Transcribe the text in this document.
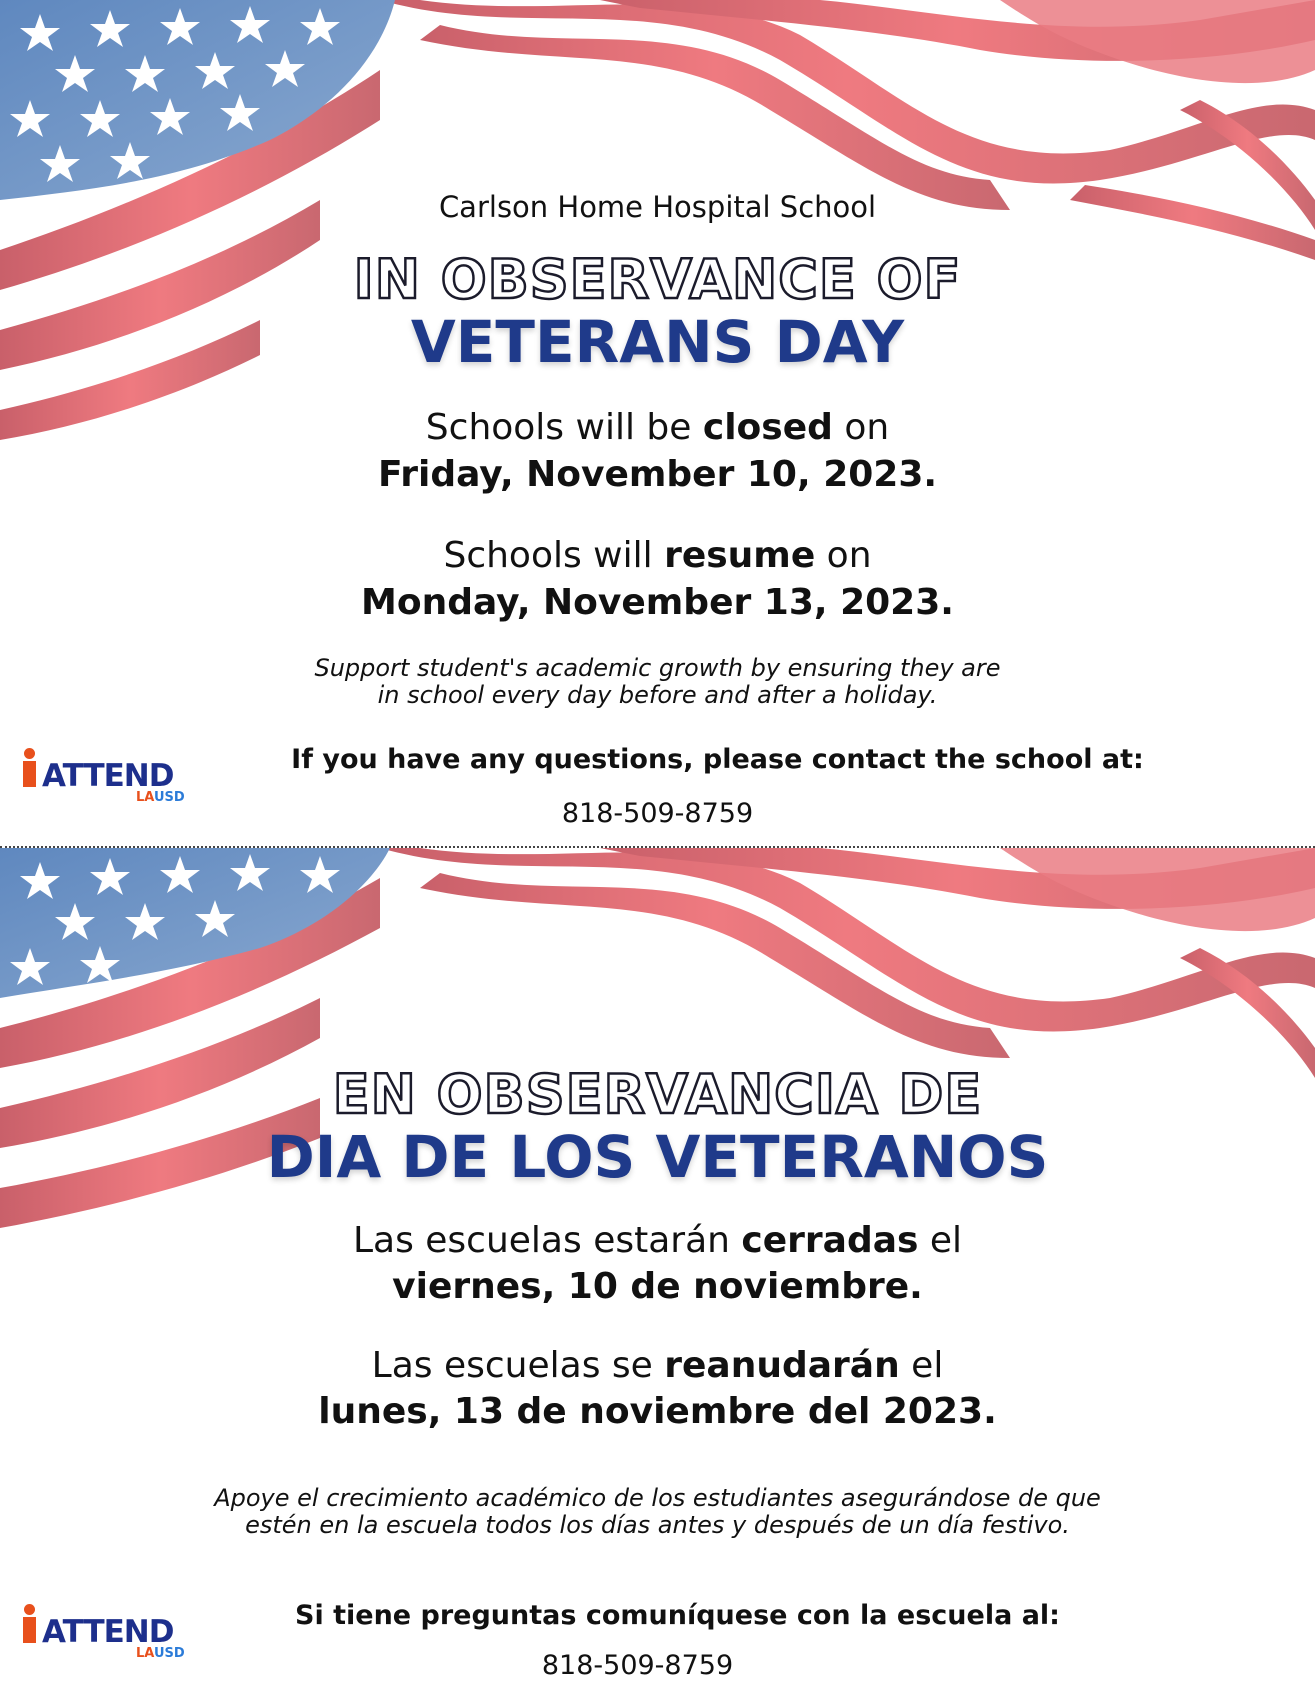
Carlson Home Hospital School
IN OBSERVANCE OF
VETERANS DAY
Schools will be closed on
Friday, November 10, 2023.
Schools will resume on
Monday, November 13, 2023.
Support student's academic growth by ensuring they are
in school every day before and after a holiday.
ATTEND
LAUSD
If you have any questions, please contact the school at:
818-509-8759
EN OBSERVANCIA DE
DIA DE LOS VETERANOS
Las escuelas estarán cerradas el
viernes, 10 de noviembre.
Las escuelas se reanudarán el
lunes, 13 de noviembre del 2023.
Apoye el crecimiento académico de los estudiantes asegurándose de que
estén en la escuela todos los días antes y después de un día festivo.
ATTEND
LAUSD
Si tiene preguntas comuníquese con la escuela al:
818-509-8759
